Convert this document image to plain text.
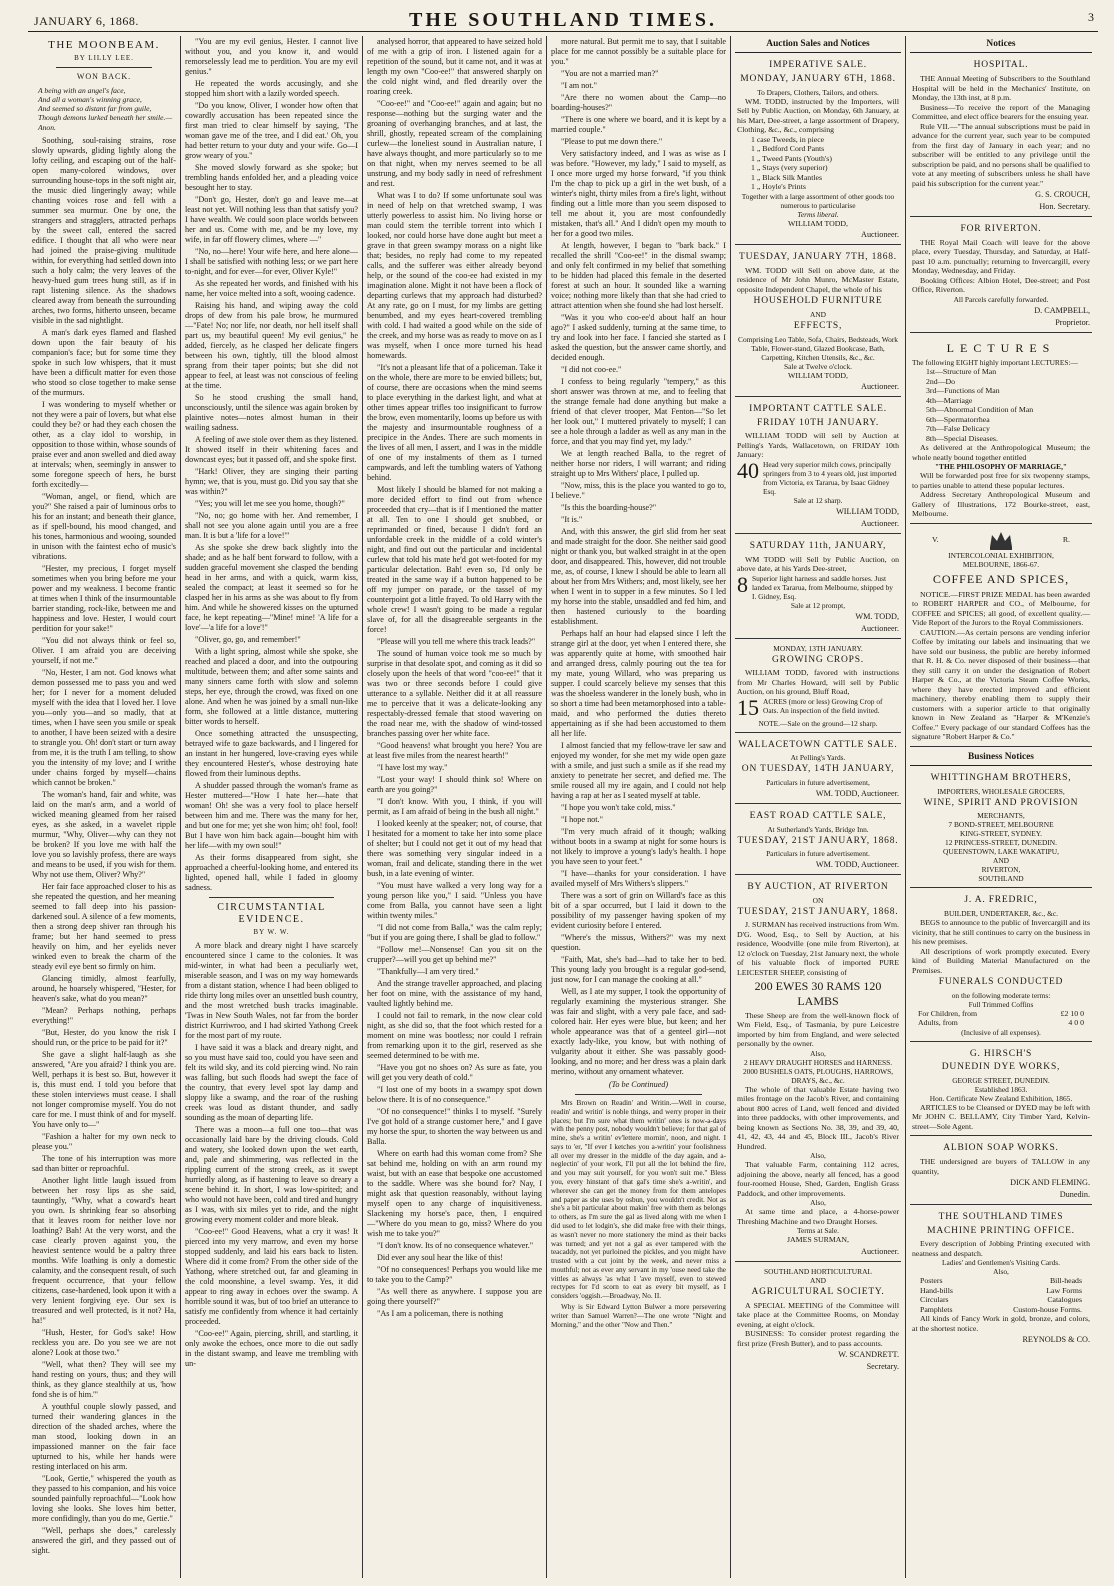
JANUARY 6, 1868.	THE SOUTHLAND TIMES.	3
THE MOONBEAM.
BY LILLY LEE.
WON BACK.
A being with an angel's face,
And all a woman's winning grace,
And seemed so distant far from guile,
Though demons lurked beneath her smile.—Anon.

Soothing, soul-raising strains, rose slowly upwards, gliding lightly along the lofty ceiling, and escaping out of the half-open many-colored windows, over surrounding house-tops in the soft night air, the music died lingeringly away; while chanting voices rose and fell with a summer sea murmur. One by one, the strangers and stragglers, attracted perhaps by the sweet call, entered the sacred edifice. I thought that all who were near had joined the praise-giving multitude within, for everything had settled down into such a holy calm; the very leaves of the heavy-hued gum trees hung still, as if in rapt listening silence. As the shadows cleared away from beneath the surrounding arches, two forms, hitherto unseen, became visible in the sad nightlight.

A man's dark eyes flamed and flashed down upon the fair beauty of his companion's face; but for some time they spoke in such low whispers, that it must have been a difficult matter for even those who stood so close together to make sense of the murmurs.

I was wondering to myself whether or not they were a pair of lovers, but what else could they be? or had they each chosen the other, as a clay idol to worship, in opposition to those within, whose sounds of praise ever and anon swelled and died away at intervals; when, seemingly in answer to some foregone speech of hers, he burst forth excitedly—

"Woman, angel, or fiend, which are you?" She raised a pair of luminous orbs to his for an instant; and beneath their glance, as if spell-bound, his mood changed, and his tones, harmonious and wooing, sounded in unison with the faintest echo of music's vibrations.

"Hester, my precious, I forget myself sometimes when you bring before me your power and my weakness. I become frantic at times when I think of the insurmountable barrier standing, rock-like, between me and happiness and love. Hester, I would court perdition for your sake!"

"You did not always think or feel so, Oliver. I am afraid you are deceiving yourself, if not me."

"No, Hester, I am not. God knows what demon possessed me to pass you and wed her; for I never for a moment deluded myself with the idea that I loved her. I love you—only you—and so madly, that at times, when I have seen you smile or speak to another, I have been seized with a desire to strangle you. Oh! don't start or turn away from me, it is the truth I am telling, to show you the intensity of my love; and I writhe under chains forged by myself—chains which cannot be broken."

The woman's hand, fair and white, was laid on the man's arm, and a world of wicked meaning gleamed from her raised eyes, as she asked, in a wavelet ripple murmur, "Why, Oliver—why can they not be broken? If you love me with half the love you so lavishly profess, there are ways and means to be used, if you wish for them. Why not use them, Oliver? Why?"

Her fair face approached closer to his as she repeated the question, and her meaning seemed to fall deep into his passion-darkened soul. A silence of a few moments, then a strong deep shiver ran through his frame; but her hand seemed to press heavily on him, and her eyelids never winked even to break the charm of the steady evil eye bent so firmly on him.

Glancing timidly, almost fearfully, around, he hoarsely whispered, "Hester, for heaven's sake, what do you mean?"

"Mean? Perhaps nothing, perhaps everything!"

"But, Hester, do you know the risk I should run, or the price to be paid for it?"

She gave a slight half-laugh as she answered, "Are you afraid? I think you are. Well, perhaps it is best so. But, however it is, this must end. I told you before that these stolen interviews must cease. I shall not longer compromise myself. You do not care for me. I must think of and for myself. You have only to—"

"Fashion a halter for my own neck to please you."

The tone of his interruption was more sad than bitter or reproachful.

Another light little laugh issued from between her rosy lips as she said, tauntingly, "Why, what a coward's heart you own. Is shrinking fear so absorbing that it leaves room for neither love nor loathing? Bah! At the very worst, and the case clearly proven against you, the heaviest sentence would be a paltry three months. Wife loathing is only a domestic calamity, and the consequent result, of such frequent occurrence, that your fellow citizens, case-hardened, look upon it with a very lenient forgiving eye. Our sex is treasured and well protected, is it not? Ha, ha!"

"Hush, Hester, for God's sake! How reckless you are. Do you see we are not alone? Look at those two."

"Well, what then? They will see my hand resting on yours, thus; and they will think, as they glance stealthily at us, 'how fond she is of him.'"

A youthful couple slowly passed, and turned their wandering glances in the direction of the shaded arches, where the man stood, looking down in an impassioned manner on the fair face upturned to his, while her hands were resting interlaced on his arm.

"Look, Gertie," whispered the youth as they passed to his companion, and his voice sounded painfully reproachful—"Look how loving she looks. She loves him better, more confidingly, than you do me, Gertie."

"Well, perhaps she does," carelessly answered the girl, and they passed out of sight.

"You are my evil genius, Hester. I cannot live without you, and you know it, and would remorselessly lead me to perdition. You are my evil genius."

He repeated the words accusingly, and she stopped him short with a lazily worded speech.

"Do you know, Oliver, I wonder how often that cowardly accusation has been repeated since the first man tried to clear himself by saying, 'The woman gave me of the tree, and I did eat.' Oh, you had better return to your duty and your wife. Go—I grow weary of you."

She moved slowly forward as she spoke; but trembling hands enfolded her, and a pleading voice besought her to stay.

"Don't go, Hester, don't go and leave me—at least not yet. Will nothing less than that satisfy you? I have wealth. We could soon place worlds between her and us. Come with me, and be my love, my wife, in far off flowery climes, where —"

"No, no—here! Your wife here, and here alone—I shall be satisfied with nothing less; or we part here to-night, and for ever—for ever, Oliver Kyle!"

As she repeated her words, and finished with his name, her voice melted into a soft, wooing cadence.

Raising his hand, and wiping away the cold drops of dew from his pale brow, he murmured—"Fate! No; nor life, nor death, nor hell itself shall part us, my beautiful queen! My evil genius," he added, fiercely, as he clasped her delicate fingers between his own, tightly, till the blood almost sprang from their taper points; but she did not appear to feel, at least was not conscious of feeling at the time.

So he stood crushing the small hand, unconsciously, until the silence was again broken by plaintive notes—notes almost human in their wailing sadness.

A feeling of awe stole over them as they listened. It showed itself in their whitening faces and downcast eyes; but it passed off, and she spoke first.

"Hark! Oliver, they are singing their parting hymn; we, that is you, must go. Did you say that she was within?"

"Yes; you will let me see you home, though?"

"No, no; go home with her. And remember, I shall not see you alone again until you are a free man. It is but a 'life for a love!'"

As she spoke she drew back slightly into the shade; and as he half bent forward to follow, with a sudden graceful movement she clasped the bending head in her arms, and with a quick, warm kiss, sealed the compact; at least it seemed so for he clasped her in his arms as she was about to fly from him. And while he showered kisses on the upturned face, he kept repeating—"Mine! mine! 'A life for a love'—'a life for a love'!"

"Oliver, go, go, and remember!"

With a light spring, almost while she spoke, she reached and placed a door, and into the outpouring multitude, between them; and after some saints and many sinners came forth with slow and solemn steps, her eye, through the crowd, was fixed on one alone. And when he was joined by a small nun-like form, she followed at a little distance, muttering bitter words to herself.

Once something attracted the unsuspecting, betrayed wife to gaze backwards, and I lingered for an instant in her hungered, love-craving eyes while they encountered Hester's, whose destroying hate flowed from their luminous depths.

A shudder passed through the woman's frame as Hester muttered—"How I hate her—hate that woman! Oh! she was a very fool to place herself between him and me. There was the many for her, and but one for me; yet she won him; oh! fool, fool! But I have won him back again—bought him with her life—with my own soul!"

As their forms disappeared from sight, she approached a cheerful-looking home, and entered its lighted, opened hall, while I faded in gloomy sadness.

CIRCUMSTANTIAL EVIDENCE.
BY W. W.

A more black and dreary night I have scarcely encountered since I came to the colonies. It was mid-winter, in what had been a peculiarly wet, miserable season, and I was on my way homewards from a distant station, whence I had been obliged to ride thirty long miles over an unsettled bush country, and the most wretched bush tracks imaginable. 'Twas in New South Wales, not far from the border district Kurriwroo, and I had skirted Yathong Creek for the most part of my route.

I have said it was a black and dreary night, and so you must have said too, could you have seen and felt its wild sky, and its cold piercing wind. No rain was falling, but such floods had swept the face of the country, that every level spot lay damp and sloppy like a swamp, and the roar of the rushing creek was loud as distant thunder, and sadly sounding as the moan of departing life.

There was a moon—a full one too—that was occasionally laid bare by the driving clouds. Cold and watery, she looked down upon the wet earth, and, pale and shimmering, was reflected in the rippling current of the strong creek, as it swept hurriedly along, as if hastening to leave so dreary a scene behind it. In short, I was low-spirited; and who would not have been, cold and tired and hungry as I was, with six miles yet to ride, and the night growing every moment colder and more bleak.

"Coo-ee!" Good Heavens, what a cry it was! It pierced into my very marrow, and even my horse stopped suddenly, and laid his ears back to listen. Where did it come from? From the other side of the Yathong, where stretched out, far and gleaming in the cold moonshine, a level swamp. Yes, it did appear to ring away in echoes over the swamp. A horrible sound it was, but of too brief an utterance to satisfy me confidently from whence it had certainly proceeded.

"Coo-ee!" Again, piercing, shrill, and startling, it only awoke the echoes, once more to die out sadly in the distant swamp, and leave me trembling with un-

analysed horror, that appeared to have seized hold of me with a grip of iron. I listened again for a repetition of the sound, but it came not, and it was at length my own "Coo-ee!" that answered sharply on the cold night wind, and fled drearily over the roaring creek.

"Coo-ee!" and "Coo-ee!" again and again; but no response—nothing but the surging water and the groaning of overhanging branches, and at last, the shrill, ghostly, repeated scream of the complaining curlew—the loneliest sound in Australian nature, I have always thought, and more particularly so to me on that night, when my nerves seemed to be all unstrung, and my body sadly in need of refreshment and rest.

What was I to do? If some unfortunate soul was in need of help on that wretched swamp, I was utterly powerless to assist him. No living horse or man could stem the terrible torrent into which I looked, nor could horse have done aught but meet a grave in that green swampy morass on a night like that; besides, no reply had come to my repeated calls, and the sufferer was either already beyond help, or the sound of the coo-ee had existed in my imagination alone. Might it not have been a flock of departing curlews that my approach had disturbed? At any rate, go on I must, for my limbs are getting benumbed, and my eyes heart-covered trembling with cold. I had waited a good while on the side of the creek, and my horse was as ready to move on as I was myself, when I once more turned his head homewards.

"It's not a pleasant life that of a policeman. Take it on the whole, there are more to be envied billets; but, of course, there are occasions when the mind seems to place everything in the darkest light, and what at other times appear trifles too insignificant to furrow the brow, even momentarily, looms up before us with the majesty and insurmountable roughness of a precipice in the Andes. There are such moments in the lives of all men, I assert, and I was in the middle of one of my instalments of them as I turned campwards, and left the tumbling waters of Yathong behind.

Most likely I should be blamed for not making a more decided effort to find out from whence proceeded that cry—that is if I mentioned the matter at all. Ten to one I should get snubbed, or reprimanded or fined, because I didn't ford an unfordable creek in the middle of a cold winter's night, and find out out the particular and incidental curlew that told his mate he'd got wet-footed for my particular delectation. Bah! even so, I'd only be treated in the same way if a button happened to be off my jumper on parade, or the tassel of my counterpoint got a little frayed. To old Harry with the whole crew! I wasn't going to be made a regular slave of, for all the disagreeable sergeants in the force!

"Please will you tell me where this track leads?"

The sound of human voice took me so much by surprise in that desolate spot, and coming as it did so closely upon the heels of that word "coo-ee!" that it was two or three seconds before I could give utterance to a syllable. Neither did it at all reassure me to perceive that it was a delicate-looking any respectably-dressed female that stood wavering on the road near me, with the shadow of wind-tossed branches passing over her white face.

"Good heavens! what brought you here? You are at least five miles from the nearest hearth!"

"I have lost my way."

"Lost your way! I should think so! Where on earth are you going?"

"I don't know. With you, I think, if you will permit, as I am afraid of being in the bush all night."

I looked keenly at the speaker; not, of course, that I hesitated for a moment to take her into some place of shelter; but I could not get it out of my head that there was something very singular indeed in a woman, frail and delicate, standing there in the wet bush, in a late evening of winter.

"You must have walked a very long way for a young person like you," I said. "Unless you have come from Balla, you cannot have seen a light within twenty miles."

"I did not come from Balla," was the calm reply; "but if you are going there, I shall be glad to follow."

"Follow me!—Nonsense! Can you sit on the crupper?—will you get up behind me?"

"Thankfully—I am very tired."

And the strange traveller approached, and placing her foot on mine, with the assistance of my hand, vaulted lightly behind me.

I could not fail to remark, in the now clear cold night, as she did so, that the foot which rested for a moment on mine was bootless; nor could I refrain from remarking upon it to the girl, reserved as she seemed determined to be with me.

"Have you got no shoes on? As sure as fate, you will get you very death of cold."

"I lost one of my boots in a swampy spot down below there. It is of no consequence."

"Of no consequence!" thinks I to myself. "Surely I've got hold of a strange customer here," and I gave my horse the spur, to shorten the way between us and Balla.

Where on earth had this woman come from? She sat behind me, holding on with an arm round my waist, but with an ease that bespoke one accustomed to the saddle. Where was she bound for? Nay, I might ask that question reasonably, without laying myself open to any charge of inquisitiveness. Slackening my horse's pace, then, I enquired—"Where do you mean to go, miss? Where do you wish me to take you?"

"I don't know. Its of no consequence whatever."

Did ever any soul hear the like of this!

"Of no consequences! Perhaps you would like me to take you to the Camp?"

"As well there as anywhere. I suppose you are going there yourself?"

"As I am a policeman, there is nothing

more natural. But permit me to say, that I suitable place for me cannot possibly be a suitable place for you."

"You are not a married man?"

"I am not."

"Are there no women about the Camp—no boarding-houses?"

"There is one where we board, and it is kept by a married couple."

"Please to put me down there."

Very satisfactory indeed, and I was as wise as I was before. "However, my lady," I said to myself, as I once more urged my horse forward, "if you think I'm the chap to pick up a girl in the wet bush, of a winter's night, thirty miles from a fire's light, without finding out a little more than you seem disposed to tell me about it, you are most confoundedly mistaken, that's all." And I didn't open my mouth to her for a good two miles.

At length, however, I began to "bark back." I recalled the shrill "Coo-ee!" in the dismal swamp; and only felt confirmed in my belief that something to be hidden had placed this female in the deserted forest at such an hour. It sounded like a warning voice; nothing more likely than that she had cried to attract attention when she found she had lost herself.

"Was it you who coo-ee'd about half an hour ago?" I asked suddenly, turning at the same time, to try and look into her face. I fancied she started as I asked the question, but the answer came shortly, and decided enough.

"I did not coo-ee."

I confess to being regularly "tempery," as this short answer was thrown at me, and to feeling that the strange female had done anything but make a friend of that clever trooper, Mat Fenton—"So let her look out," I muttered privately to myself; I can see a hole through a ladder as well as any man in the force, and that you may find yet, my lady."

We at length reached Balla, to the regret of neither horse nor riders, I will warrant; and riding straight up to Mrs Withers' place, I pulled up.

"Now, miss, this is the place you wanted to go to, I believe."

"Is this the boarding-house?"

"It is."

And, with this answer, the girl slid from her seat and made straight for the door. She neither said good night or thank you, but walked straight in at the open door, and disappeared. This, however, did not trouble me, as, of course, I knew I should be able to learn all about her from Mrs Withers; and, most likely, see her when I went in to supper in a few minutes. So I led my horse into the stable, unsaddled and fed him, and then hastened curiously to the boarding establishment.

Perhaps half an hour had elapsed since I left the strange girl at the door, yet when I entered there, she was apparently quite at home, with smoothed hair and arranged dress, calmly pouring out the tea for my mate, young Willard, who was preparing us supper. I could scarcely believe my senses that this was the shoeless wanderer in the lonely bush, who in so short a time had been metamorphosed into a table-maid, and who performed the duties thereto appertaining as if she had been accustomed to them all her life.

I almost fancied that my fellow-trave ler saw and enjoyed my wonder, for she met my wide open gaze with a smile, and just such a smile as if she read my anxiety to penetrate her secret, and defied me. The smile roused all my ire again, and I could not help having a rap at her as I seated myself at table.

"I hope you won't take cold, miss."

"I hope not."

"I'm very much afraid of it though; walking without boots in a swamp at night for some hours is not likely to improve a young's lady's health. I hope you have seen to your feet."

"I have—thanks for your consideration. I have availed myself of Mrs Withers's slippers."

There was a sort of grin on Willard's face as this bit of a spar occurred, but I laid it down to the possibility of my passenger having spoken of my evident curiosity before I entered.

"Where's the missus, Withers?" was my next question.

"Faith, Mat, she's bad—had to take her to bed. This young lady you brought is a regular god-send, just now, for I can manage the cooking at all."

Well, as I ate my supper, I took the opportunity of regularly examining the mysterious stranger. She was fair and slight, with a very pale face, and sad-colored hair. Her eyes were blue, but keen; and her whole appearance was that of a genteel girl—not exactly lady-like, you know, but with nothing of vulgarity about it either. She was passably good-looking, and no more; and her dress was a plain dark merino, without any ornament whatever.

(To be Continued)

Mrs Brown on Readin' and Writin.—Well in course, readin' and writin' is noble things, and werry proper in their places; but I'm sure what them writin' ones is now-a-days with the penny post, nobody wouldn't believe; for that gal of mine, she's a writin' ev'lettere mornin', noon, and night. I says to 'er, "If ever I ketches you a-writin' your foolishness all over my dresser in the middle of the day again, and a-neglectin' of your work, I'll put all the lot behind the fire, and you may suit yourself, for you won't suit me." Bless you, every hinstant of that gal's time she's a-writin', and wherever she can get the money from for them antelopes and paper as she uses by osbun, you wouldn't credit. Not as she's a bit particular about makin' free with them as belongs to others, as I'm sure the gal as lived along with me when I did used to let lodgin's, she did make free with their things, as wasn't never no more stationery the mind as their backs was turned; and yet not a gal as ever tampered with the teacaddy, not yet purloined the pickles, and you might have trusted with a cut joint by the week, and never miss a mouthful; not as ever any servant in my 'ouse need take the vittles as always 'as what I 'ave myself, even to stewed rectypes for I'd scorn to eat as every bit myself, as I considers 'oggish.—Broadway, No. II.

Why is Sir Edward Lytton Bulwer a more persevering writer than Samuel Warren?—The one wrote "Night and Morning," and the other "Now and Then."

Auction Sales and Notices
IMPERATIVE SALE.
MONDAY, JANUARY 6TH, 1868.
To Drapers, Clothers, Tailors, and others.
WM. TODD, instructed by the Importers, will Sell by Public Auction, on Monday, 6th January, at his Mart, Dee-street, a large assortment of Drapery, Clothing, &c., &c., comprising
1 case Tweeds, in piece
1 „ Bedford Cord Pants
1 „ Tweed Pants (Youth's)
1 „ Stays (very superior)
1 „ Black Silk Mantles
1 „ Hoyle's Prints
Together with a large assortment of other goods too numerous to particularise
Terms liberal.
WILLIAM TODD,
Auctioneer.
TUESDAY, JANUARY 7TH, 1868.
WM. TODD will Sell on above date, at the residence of Mr John Munro, McMaster Estate, opposite Independent Chapel, the whole of his
HOUSEHOLD FURNITURE
AND
EFFECTS,
Comprising Leo Table, Sofa, Chairs, Bedsteads, Work Table, Flower-stand, Glazed Bookcase, Bath, Carpetting, Kitchen Utensils, &c., &c.
Sale at Twelve o'clock.
WILLIAM TODD,
Auctioneer.
IMPORTANT CATTLE SALE.
FRIDAY 10TH JANUARY.
WILLIAM TODD will sell by Auction at Pelling's Yards, Wallacetown, on FRIDAY 10th January:
40 Head very superior milch cows, principally springers from 3 to 4 years old, just imported from Victoria, ex Tararua, by Isaac Gidney Esq.
Sale at 12 sharp.
WILLIAM TODD,
Auctioneer.
SATURDAY 11th, JANUARY,
WM TODD will Sell by Public Auction, on above date, at his Yards Dee-street,
8 Superior light harness and saddle horses. Just landed ex Tararua, from Melbourne, shipped by I. Gidney, Esq.
Sale at 12 prompt,
WM. TODD,
Auctioneer.
MONDAY, 13TH JANUARY.
GROWING CROPS.
WILLIAM TODD, favored with instructions from Mr Charles Howard, will sell by Public Auction, on his ground, Bluff Road,
15 ACRES (more or less) Growing Crop of Oats. An inspection of the field invited.
NOTE.—Sale on the ground—12 sharp.
WALLACETOWN CATTLE SALE.
At Pelling's Yards.
ON TUESDAY, 14TH JANUARY,
Particulars in future advertisement,
WM. TODD, Auctioneer.
EAST ROAD CATTLE SALE,
At Sutherland's Yards, Bridge Inn.
TUESDAY, 21ST JANUARY, 1868.
Particulars in future advertisement.
WM. TODD, Auctioneer.
BY AUCTION, AT RIVERTON
ON
TUESDAY, 21ST JANUARY, 1868.
J. SURMAN has received instructions from Wm. D'G. Wood, Esq., to Sell by Auction, at his residence, Woodville (one mile from Riverton), at 12 o'clock on Tuesday, 21st January next, the whole of his valuable flock of imported PURE LEICESTER SHEEP, consisting of
200 EWES 30 RAMS 120 LAMBS
These Sheep are from the well-known flock of Wm Field, Esq., of Tasmania, by pure Leicestre imported by him from England, and were selected personally by the owner.
Also,
2 HEAVY DRAUGHT HORSES and HARNESS.
2000 BUSHELS OATS, PLOUGHS, HARROWS, DRAYS, &c., &c.
The whole of that valuable Estate having two miles frontage on the Jacob's River, and containing about 800 acres of Land, well fenced and divided into three paddocks, with other improvements, and being known as Sections No. 38, 39, and 39, 40, 41, 42, 43, 44 and 45, Block III., Jacob's River Hundred.
Also,
That valuable Farm, containing 112 acres, adjoining the above, nearly all fenced, has a good four-roomed House, Shed, Garden, English Grass Paddock, and other improvements.
Also,
At same time and place, a 4-horse-power Threshing Machine and two Draught Horses.
Terms at Sale.
JAMES SURMAN,
Auctioneer.
SOUTHLAND HORTICULTURAL
AND
AGRICULTURAL SOCIETY.
A SPECIAL MEETING of the Committee will take place at the Committee Rooms, on Monday evening, at eight o'clock.
BUSINESS: To consider protest regarding the first prize (Fresh Butter), and to pass accounts.
W. SCANDRETT.
Secretary.
Notices
HOSPITAL.
THE Annual Meeting of Subscribers to the Southland Hospital will be held in the Mechanics' Institute, on Monday, the 13th inst, at 8 p.m.
Business—To receive the report of the Managing Committee, and elect office bearers for the ensuing year.
Rule VII.—"The annual subscriptions must be paid in advance for the current year, such year to be computed from the first day of January in each year; and no subscriber will be entitled to any privilege until the subscription be paid, and no persons shall be qualified to vote at any meeting of subscribers unless he shall have paid his subscription for the current year."
G. S. CROUCH,
Hon. Secretary.
FOR RIVERTON.
THE Royal Mail Coach will leave for the above place, every Tuesday, Thursday, and Saturday, at Half-past 10 a.m. punctually; returning to Invercargill, every Monday, Wednesday, and Friday.
Booking Offices: Albion Hotel, Dee-street; and Post Office, Riverton.
All Parcels carefully forwarded.
D. CAMPBELL,
Proprietor.
LECTURES
The following EIGHT highly important LECTURES:—
1st—Structure of Man
2nd—Do
3rd—Functions of Man
4th—Marriage
5th—Abnormal Condition of Man
6th—Spermatorrhea
7th—False Delicacy
8th—Special Diseases.
As delivered at the Anthropological Museum; the whole neatly bound together entitled
"THE PHILOSOPHY OF MARRIAGE,"
Will be forwarded post free for six twopenny stamps, to parties unable to attend these popular lectures.
Address Secretary Anthropological Museum and Gallery of Illustrations, 172 Bourke-street, east, Melbourne.
V.	R.
INTERCOLONIAL EXHIBITION,
MELBOURNE, 1866-67.
COFFEE AND SPICES,
NOTICE.—FIRST PRIZE MEDAL has been awarded to ROBERT HARPER and CO., of Melbourne, for COFFEE and SPICES; all good, of excellent quality.—Vide Report of the Jurors to the Royal Commissioners.
CAUTION.—As certain persons are vending inferior Coffee by imitating our labels and insinuating that we have sold our business, the public are hereby informed that R. H. & Co. never disposed of their business—that they still carry it on under the designation of Robert Harper & Co., at the Victoria Steam Coffee Works, where they have erected improved and efficient machinery, thereby enabling them to supply their customers with a superior article to that originally known in New Zealand as "Harper & M'Kenzie's Coffee." Every package of our standard Coffees has the signature "Robert Harper & Co."
Business Notices
WHITTINGHAM BROTHERS,
IMPORTERS, WHOLESALE GROCERS,
WINE, SPIRIT AND PROVISION
MERCHANTS,
7 BOND-STREET, MELBOURNE
KING-STREET, SYDNEY.
12 PRINCESS-STREET, DUNEDIN.
QUEENSTOWN, LAKE WAKATIPU,
AND
RIVERTON,
SOUTHLAND
J. A. FREDRIC,
BUILDER, UNDERTAKER, &c., &c.
BEGS to announce to the public of Invercargill and its vicinity, that he still continues to carry on the business in his new premises.
All descriptions of work promptly executed. Every kind of Building Material Manufactured on the Premises.
FUNERALS CONDUCTED
on the following moderate terms:
Full Trimmed Coffins
For Children, from	£2 10 0
Adults, from	4 0 0
(Inclusive of all expenses).
G. HIRSCH'S
DUNEDIN DYE WORKS,
GEORGE STREET, DUNEDIN.
Established 1863.
Hon. Certificate New Zealand Exhibition, 1865.
ARTICLES to be Cleansed or DYED may be left with Mr JOHN C. BELLAMY, City Timber Yard, Kelvin-street—Sole Agent.
ALBION SOAP WORKS.
THE undersigned are buyers of TALLOW in any quantity,
DICK AND FLEMING.
Dunedin.
THE SOUTHLAND TIMES
MACHINE PRINTING OFFICE.
Every description of Jobbing Printing executed with neatness and despatch.
Ladies' and Gentlemen's Visiting Cards.
Also,
Posters	Bill-heads
Hand-bills	Law Forms
Circulars	Catalogues
Pamphlets	Custom-house Forms.
All kinds of Fancy Work in gold, bronze, and colors, at the shortest notice.
REYNOLDS & CO.
